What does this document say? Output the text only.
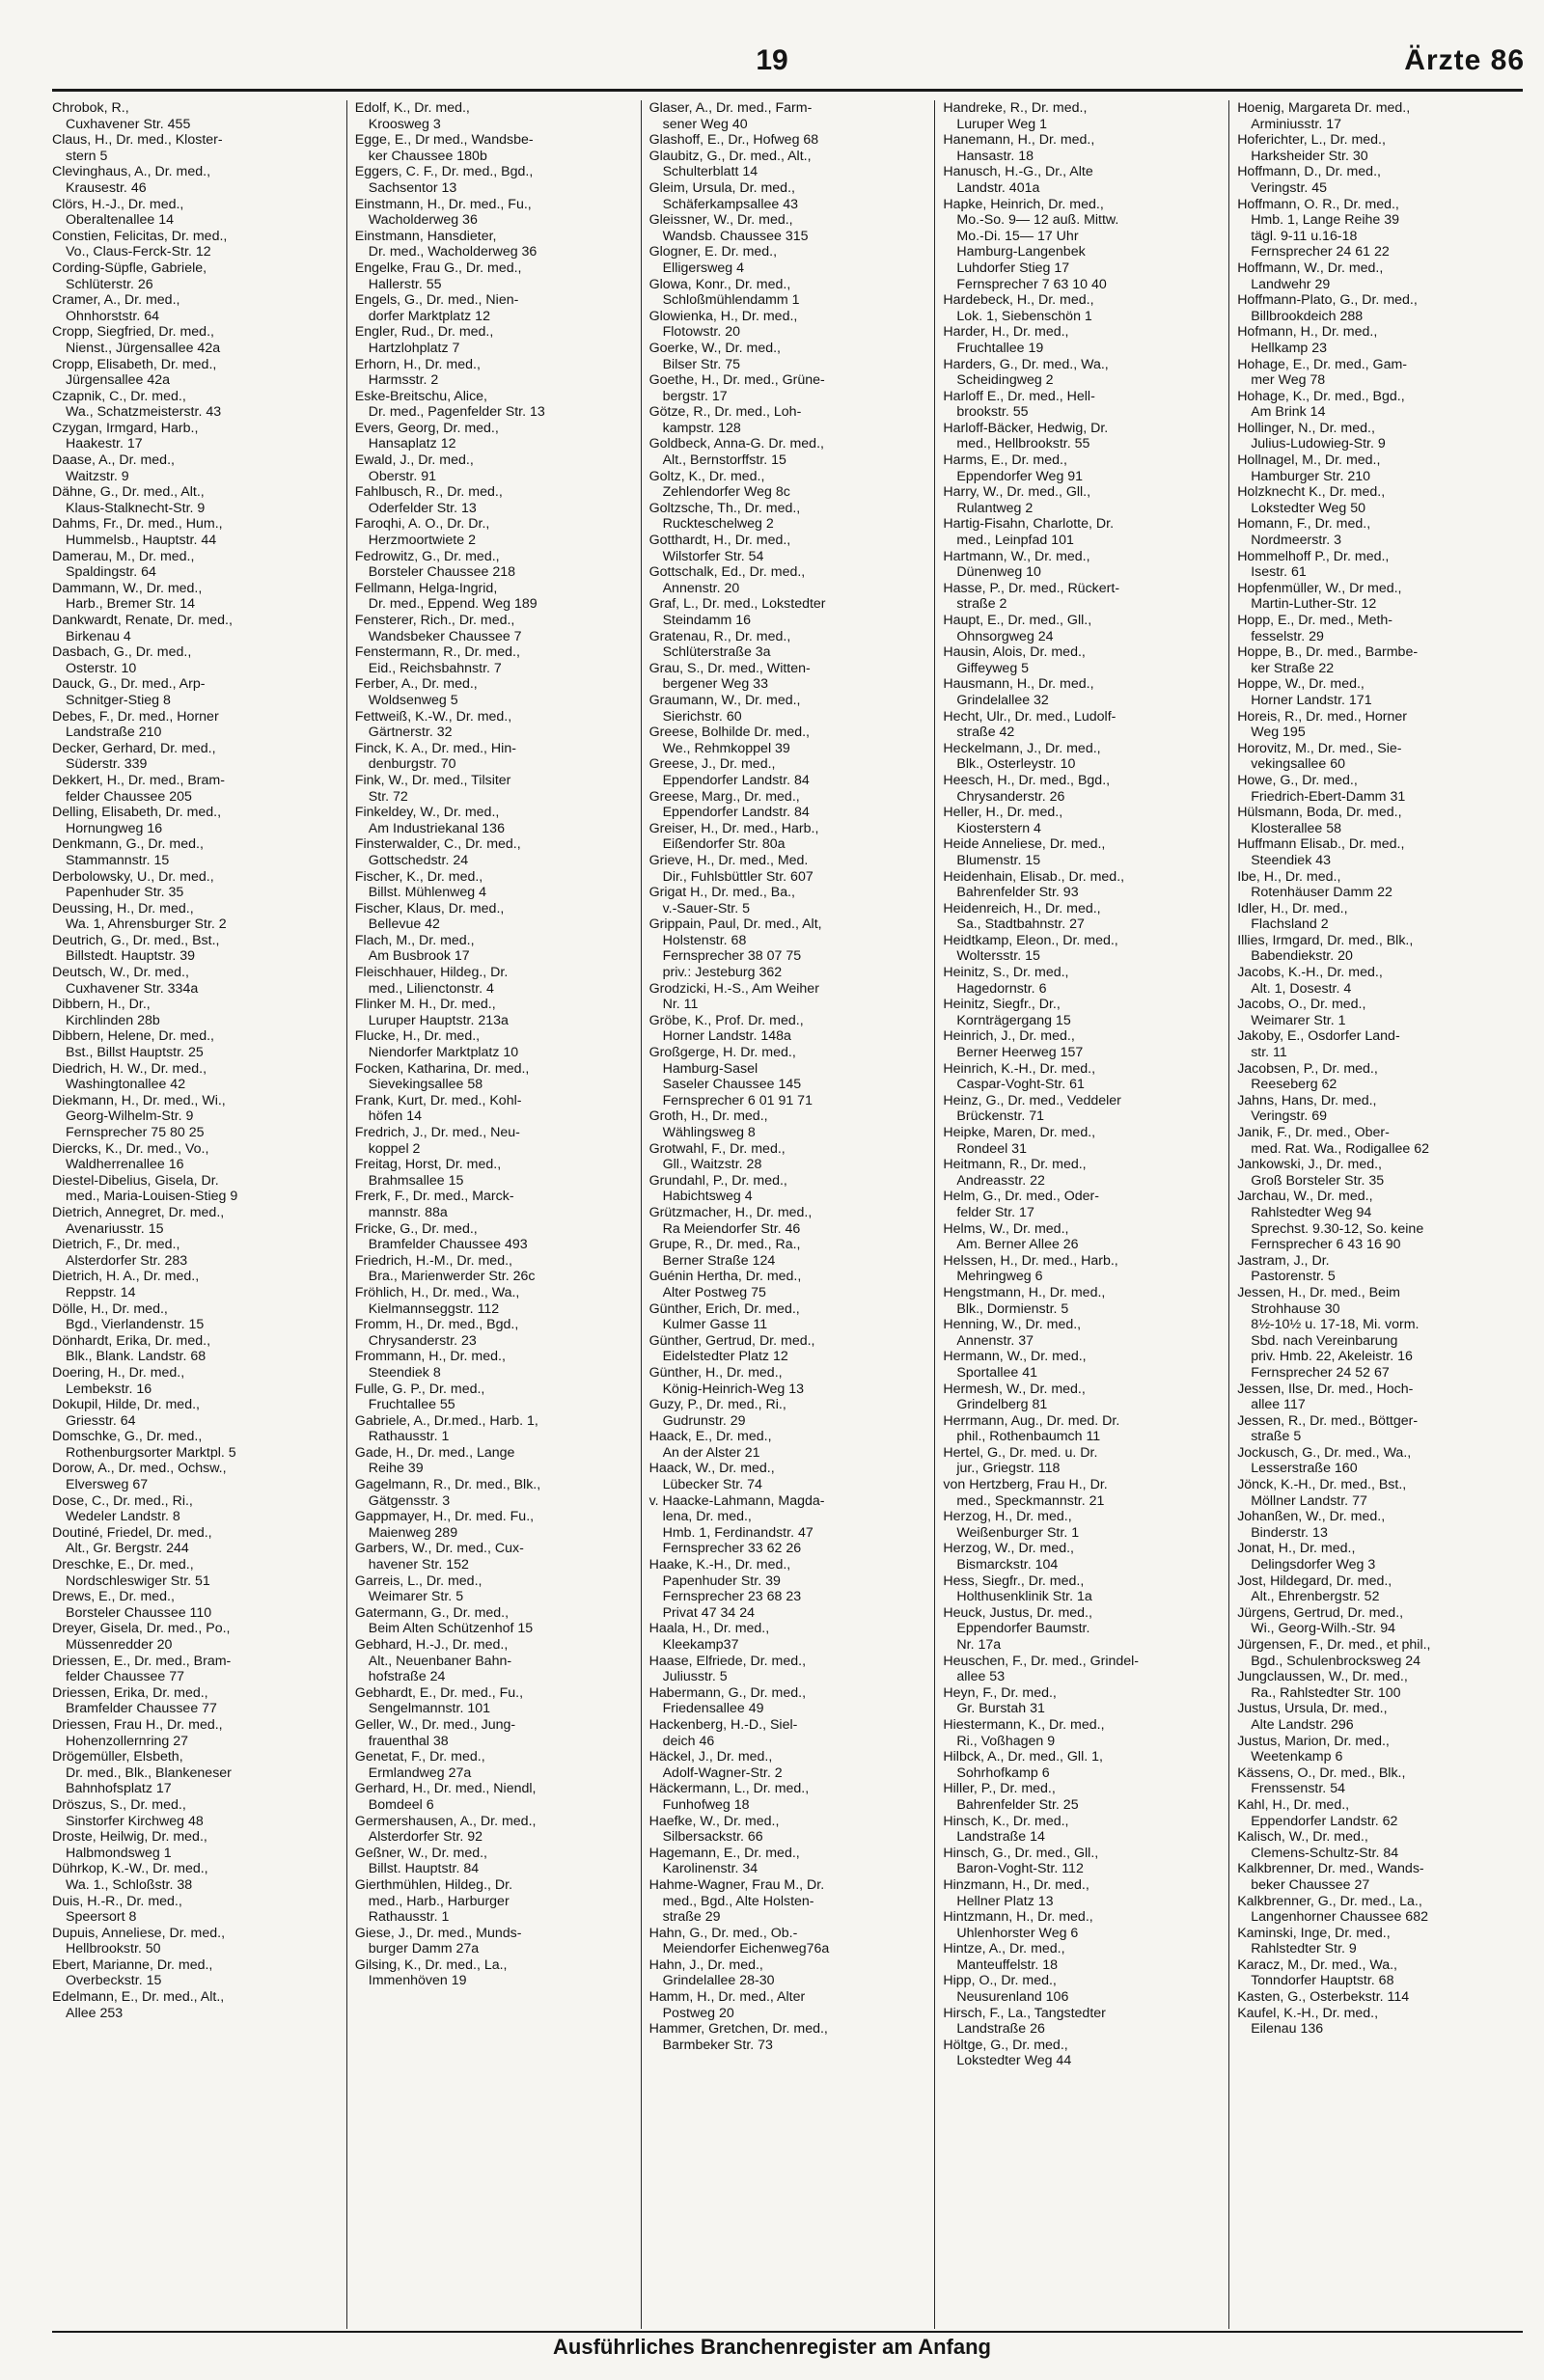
19	Ärzte 86
Chrobok, R.,
Cuxhavener Str. 455
Claus, H., Dr. med., Kloster-
stern 5
Clevinghaus, A., Dr. med.,
Krausestr. 46
Clörs, H.-J., Dr. med.,
Oberaltenallee 14
Constien, Felicitas, Dr. med.,
Vo., Claus-Ferck-Str. 12
Cording-Süpfle, Gabriele,
Schlüterstr. 26
Cramer, A., Dr. med.,
Ohnhorststr. 64
Cropp, Siegfried, Dr. med.,
Nienst., Jürgensallee 42a
Cropp, Elisabeth, Dr. med.,
Jürgensallee 42a
Czapnik, C., Dr. med.,
Wa., Schatzmeisterstr. 43
Czygan, Irmgard, Harb.,
Haakestr. 17
Daase, A., Dr. med.,
Waitzstr. 9
Dähne, G., Dr. med., Alt.,
Klaus-Stalknecht-Str. 9
Dahms, Fr., Dr. med., Hum.,
Hummelsb., Hauptstr. 44
Damerau, M., Dr. med.,
Spaldingstr. 64
Dammann, W., Dr. med.,
Harb., Bremer Str. 14
Dankwardt, Renate, Dr. med.,
Birkenau 4
Dasbach, G., Dr. med.,
Osterstr. 10
Dauck, G., Dr. med., Arp-
Schnitger-Stieg 8
Debes, F., Dr. med., Horner
Landstraße 210
Decker, Gerhard, Dr. med.,
Süderstr. 339
Dekkert, H., Dr. med., Bram-
felder Chaussee 205
Delling, Elisabeth, Dr. med.,
Hornungweg 16
Denkmann, G., Dr. med.,
Stammannstr. 15
Derbolowsky, U., Dr. med.,
Papenhuder Str. 35
Deussing, H., Dr. med.,
Wa. 1, Ahrensburger Str. 2
Deutrich, G., Dr. med., Bst.,
Billstedt. Hauptstr. 39
Deutsch, W., Dr. med.,
Cuxhavener Str. 334a
Dibbern, H., Dr.,
Kirchlinden 28b
Dibbern, Helene, Dr. med.,
Bst., Billst Hauptstr. 25
Diedrich, H. W., Dr. med.,
Washingtonallee 42
Diekmann, H., Dr. med., Wi.,
Georg-Wilhelm-Str. 9
Fernsprecher 75 80 25
Diercks, K., Dr. med., Vo.,
Waldherrenallee 16
Diestel-Dibelius, Gisela, Dr.
med., Maria-Louisen-Stieg 9
Dietrich, Annegret, Dr. med.,
Avenariusstr. 15
Dietrich, F., Dr. med.,
Alsterdorfer Str. 283
Dietrich, H. A., Dr. med.,
Reppstr. 14
Dölle, H., Dr. med.,
Bgd., Vierlandenstr. 15
Dönhardt, Erika, Dr. med.,
Blk., Blank. Landstr. 68
Doering, H., Dr. med.,
Lembekstr. 16
Dokupil, Hilde, Dr. med.,
Griesstr. 64
Domschke, G., Dr. med.,
Rothenburgsorter Marktpl. 5
Dorow, A., Dr. med., Ochsw.,
Elversweg 67
Dose, C., Dr. med., Ri.,
Wedeler Landstr. 8
Doutiné, Friedel, Dr. med.,
Alt., Gr. Bergstr. 244
Dreschke, E., Dr. med.,
Nordschleswiger Str. 51
Drews, E., Dr. med.,
Borsteler Chaussee 110
Dreyer, Gisela, Dr. med., Po.,
Müssenredder 20
Driessen, E., Dr. med., Bram-
felder Chaussee 77
Driessen, Erika, Dr. med.,
Bramfelder Chaussee 77
Driessen, Frau H., Dr. med.,
Hohenzollernring 27
Drögemüller, Elsbeth,
Dr. med., Blk., Blankeneser
Bahnhofsplatz 17
Dröszus, S., Dr. med.,
Sinstorfer Kirchweg 48
Droste, Heilwig, Dr. med.,
Halbmondsweg 1
Dührkop, K.-W., Dr. med.,
Wa. 1., Schloßstr. 38
Duis, H.-R., Dr. med.,
Speersort 8
Dupuis, Anneliese, Dr. med.,
Hellbrookstr. 50
Ebert, Marianne, Dr. med.,
Overbeckstr. 15
Edelmann, E., Dr. med., Alt.,
Allee 253
Edolf, K., Dr. med.,
Kroosweg 3
Egge, E., Dr med., Wandsbe-
ker Chaussee 180b
Eggers, C. F., Dr. med., Bgd.,
Sachsentor 13
Einstmann, H., Dr. med., Fu.,
Wacholderweg 36
Einstmann, Hansdieter,
Dr. med., Wacholderweg 36
Engelke, Frau G., Dr. med.,
Hallerstr. 55
Engels, G., Dr. med., Nien-
dorfer Marktplatz 12
Engler, Rud., Dr. med.,
Hartzlohplatz 7
Erhorn, H., Dr. med.,
Harmsstr. 2
Eske-Breitschu, Alice,
Dr. med., Pagenfelder Str. 13
Evers, Georg, Dr. med.,
Hansaplatz 12
Ewald, J., Dr. med.,
Oberstr. 91
Fahlbusch, R., Dr. med.,
Oderfelder Str. 13
Faroqhi, A. O., Dr. Dr.,
Herzmoortwiete 2
Fedrowitz, G., Dr. med.,
Borsteler Chaussee 218
Fellmann, Helga-Ingrid,
Dr. med., Eppend. Weg 189
Fensterer, Rich., Dr. med.,
Wandsbeker Chaussee 7
Fenstermann, R., Dr. med.,
Eid., Reichsbahnstr. 7
Ferber, A., Dr. med.,
Woldsenweg 5
Fettweiß, K.-W., Dr. med.,
Gärtnerstr. 32
Finck, K. A., Dr. med., Hin-
denburgstr. 70
Fink, W., Dr. med., Tilsiter
Str. 72
Finkeldey, W., Dr. med.,
Am Industriekanal 136
Finsterwalder, C., Dr. med.,
Gottschedstr. 24
Fischer, K., Dr. med.,
Billst. Mühlenweg 4
Fischer, Klaus, Dr. med.,
Bellevue 42
Flach, M., Dr. med.,
Am Busbrook 17
Fleischhauer, Hildeg., Dr.
med., Lilienctonstr. 4
Flinker M. H., Dr. med.,
Luruper Hauptstr. 213a
Flucke, H., Dr. med.,
Niendorfer Marktplatz 10
Focken, Katharina, Dr. med.,
Sievekingsallee 58
Frank, Kurt, Dr. med., Kohl-
höfen 14
Fredrich, J., Dr. med., Neu-
koppel 2
Freitag, Horst, Dr. med.,
Brahmsallee 15
Frerk, F., Dr. med., Marck-
mannstr. 88a
Fricke, G., Dr. med.,
Bramfelder Chaussee 493
Friedrich, H.-M., Dr. med.,
Bra., Marienwerder Str. 26c
Fröhlich, H., Dr. med., Wa.,
Kielmannseggstr. 112
Fromm, H., Dr. med., Bgd.,
Chrysanderstr. 23
Frommann, H., Dr. med.,
Steendiek 8
Fulle, G. P., Dr. med.,
Fruchtallee 55
Gabriele, A., Dr.med., Harb. 1,
Rathausstr. 1
Gade, H., Dr. med., Lange
Reihe 39
Gagelmann, R., Dr. med., Blk.,
Gätgensstr. 3
Gappmayer, H., Dr. med. Fu.,
Maienweg 289
Garbers, W., Dr. med., Cux-
havener Str. 152
Garreis, L., Dr. med.,
Weimarer Str. 5
Gatermann, G., Dr. med.,
Beim Alten Schützenhof 15
Gebhard, H.-J., Dr. med.,
Alt., Neuenbaner Bahn-
hofstraße 24
Gebhardt, E., Dr. med., Fu.,
Sengelmannstr. 101
Geller, W., Dr. med., Jung-
frauenthal 38
Genetat, F., Dr. med.,
Ermlandweg 27a
Gerhard, H., Dr. med., Niendl,
Bomdeel 6
Germershausen, A., Dr. med.,
Alsterdorfer Str. 92
Geßner, W., Dr. med.,
Billst. Hauptstr. 84
Gierthmühlen, Hildeg., Dr.
med., Harb., Harburger
Rathausstr. 1
Giese, J., Dr. med., Munds-
burger Damm 27a
Gilsing, K., Dr. med., La.,
Immenhöven 19
Glaser, A., Dr. med., Farm-
sener Weg 40
Glashoff, E., Dr., Hofweg 68
Glaubitz, G., Dr. med., Alt.,
Schulterblatt 14
Gleim, Ursula, Dr. med.,
Schäferkampsallee 43
Gleissner, W., Dr. med.,
Wandsb. Chaussee 315
Glogner, E. Dr. med.,
Elligersweg 4
Glowa, Konr., Dr. med.,
Schloßmühlendamm 1
Glowienka, H., Dr. med.,
Flotowstr. 20
Goerke, W., Dr. med.,
Bilser Str. 75
Goethe, H., Dr. med., Grüne-
bergstr. 17
Götze, R., Dr. med., Loh-
kampstr. 128
Goldbeck, Anna-G. Dr. med.,
Alt., Bernstorffstr. 15
Goltz, K., Dr. med.,
Zehlendorfer Weg 8c
Goltzsche, Th., Dr. med.,
Ruckteschelweg 2
Gotthardt, H., Dr. med.,
Wilstorfer Str. 54
Gottschalk, Ed., Dr. med.,
Annenstr. 20
Graf, L., Dr. med., Lokstedter
Steindamm 16
Gratenau, R., Dr. med.,
Schlüterstraße 3a
Grau, S., Dr. med., Witten-
bergener Weg 33
Graumann, W., Dr. med.,
Sierichstr. 60
Greese, Bolhilde Dr. med.,
We., Rehmkoppel 39
Greese, J., Dr. med.,
Eppendorfer Landstr. 84
Greese, Marg., Dr. med.,
Eppendorfer Landstr. 84
Greiser, H., Dr. med., Harb.,
Eißendorfer Str. 80a
Grieve, H., Dr. med., Med.
Dir., Fuhlsbüttler Str. 607
Grigat H., Dr. med., Ba.,
v.-Sauer-Str. 5
Grippain, Paul, Dr. med., Alt,
Holstenstr. 68
Fernsprecher 38 07 75
priv.: Jesteburg 362
Grodzicki, H.-S., Am Weiher
Nr. 11
Gröbe, K., Prof. Dr. med.,
Horner Landstr. 148a
Großgerge, H. Dr. med.,
Hamburg-Sasel
Saseler Chaussee 145
Fernsprecher 6 01 91 71
Groth, H., Dr. med.,
Wählingsweg 8
Grotwahl, F., Dr. med.,
Gll., Waitzstr. 28
Grundahl, P., Dr. med.,
Habichtsweg 4
Grützmacher, H., Dr. med.,
Ra Meiendorfer Str. 46
Grupe, R., Dr. med., Ra.,
Berner Straße 124
Guénin Hertha, Dr. med.,
Alter Postweg 75
Günther, Erich, Dr. med.,
Kulmer Gasse 11
Günther, Gertrud, Dr. med.,
Eidelstedter Platz 12
Günther, H., Dr. med.,
König-Heinrich-Weg 13
Guzy, P., Dr. med., Ri.,
Gudrunstr. 29
Haack, E., Dr. med.,
An der Alster 21
Haack, W., Dr. med.,
Lübecker Str. 74
v. Haacke-Lahmann, Magda-
lena, Dr. med.,
Hmb. 1, Ferdinandstr. 47
Fernsprecher 33 62 26
Haake, K.-H., Dr. med.,
Papenhuder Str. 39
Fernsprecher 23 68 23
Privat 47 34 24
Haala, H., Dr. med.,
Kleekamp37
Haase, Elfriede, Dr. med.,
Juliusstr. 5
Habermann, G., Dr. med.,
Friedensallee 49
Hackenberg, H.-D., Siel-
deich 46
Häckel, J., Dr. med.,
Adolf-Wagner-Str. 2
Häckermann, L., Dr. med.,
Funhofweg 18
Haefke, W., Dr. med.,
Silbersackstr. 66
Hagemann, E., Dr. med.,
Karolinenstr. 34
Hahme-Wagner, Frau M., Dr.
med., Bgd., Alte Holsten-
straße 29
Hahn, G., Dr. med., Ob.-
Meiendorfer Eichenweg76a
Hahn, J., Dr. med.,
Grindelallee 28-30
Hamm, H., Dr. med., Alter
Postweg 20
Hammer, Gretchen, Dr. med.,
Barmbeker Str. 73
Handreke, R., Dr. med.,
Luruper Weg 1
Hanemann, H., Dr. med.,
Hansastr. 18
Hanusch, H.-G., Dr., Alte
Landstr. 401a
Hapke, Heinrich, Dr. med.,
Mo.-So. 9— 12 auß. Mittw.
Mo.-Di. 15— 17 Uhr
Hamburg-Langenbek
Luhdorfer Stieg 17
Fernsprecher 7 63 10 40
Hardebeck, H., Dr. med.,
Lok. 1, Siebenschön 1
Harder, H., Dr. med.,
Fruchtallee 19
Harders, G., Dr. med., Wa.,
Scheidingweg 2
Harloff E., Dr. med., Hell-
brookstr. 55
Harloff-Bäcker, Hedwig, Dr.
med., Hellbrookstr. 55
Harms, E., Dr. med.,
Eppendorfer Weg 91
Harry, W., Dr. med., Gll.,
Rulantweg 2
Hartig-Fisahn, Charlotte, Dr.
med., Leinpfad 101
Hartmann, W., Dr. med.,
Dünenweg 10
Hasse, P., Dr. med., Rückert-
straße 2
Haupt, E., Dr. med., Gll.,
Ohnsorgweg 24
Hausin, Alois, Dr. med.,
Giffeyweg 5
Hausmann, H., Dr. med.,
Grindelallee 32
Hecht, Ulr., Dr. med., Ludolf-
straße 42
Heckelmann, J., Dr. med.,
Blk., Osterleystr. 10
Heesch, H., Dr. med., Bgd.,
Chrysanderstr. 26
Heller, H., Dr. med.,
Kiosterstern 4
Heide Anneliese, Dr. med.,
Blumenstr. 15
Heidenhain, Elisab., Dr. med.,
Bahrenfelder Str. 93
Heidenreich, H., Dr. med.,
Sa., Stadtbahnstr. 27
Heidtkamp, Eleon., Dr. med.,
Woltersstr. 15
Heinitz, S., Dr. med.,
Hagedornstr. 6
Heinitz, Siegfr., Dr.,
Kornträgergang 15
Heinrich, J., Dr. med.,
Berner Heerweg 157
Heinrich, K.-H., Dr. med.,
Caspar-Voght-Str. 61
Heinz, G., Dr. med., Veddeler
Brückenstr. 71
Heipke, Maren, Dr. med.,
Rondeel 31
Heitmann, R., Dr. med.,
Andreasstr. 22
Helm, G., Dr. med., Oder-
felder Str. 17
Helms, W., Dr. med.,
Am. Berner Allee 26
Helssen, H., Dr. med., Harb.,
Mehringweg 6
Hengstmann, H., Dr. med.,
Blk., Dormienstr. 5
Henning, W., Dr. med.,
Annenstr. 37
Hermann, W., Dr. med.,
Sportallee 41
Hermesh, W., Dr. med.,
Grindelberg 81
Herrmann, Aug., Dr. med. Dr.
phil., Rothenbaumch 11
Hertel, G., Dr. med. u. Dr.
jur., Griegstr. 118
von Hertzberg, Frau H., Dr.
med., Speckmannstr. 21
Herzog, H., Dr. med.,
Weißenburger Str. 1
Herzog, W., Dr. med.,
Bismarckstr. 104
Hess, Siegfr., Dr. med.,
Holthusenklinik Str. 1a
Heuck, Justus, Dr. med.,
Eppendorfer Baumstr.
Nr. 17a
Heuschen, F., Dr. med., Grindel-
allee 53
Heyn, F., Dr. med.,
Gr. Burstah 31
Hiestermann, K., Dr. med.,
Ri., Voßhagen 9
Hilbck, A., Dr. med., Gll. 1,
Sohrhofkamp 6
Hiller, P., Dr. med.,
Bahrenfelder Str. 25
Hinsch, K., Dr. med.,
Landstraße 14
Hinsch, G., Dr. med., Gll.,
Baron-Voght-Str. 112
Hinzmann, H., Dr. med.,
Hellner Platz 13
Hintzmann, H., Dr. med.,
Uhlenhorster Weg 6
Hintze, A., Dr. med.,
Manteuffelstr. 18
Hipp, O., Dr. med.,
Neusurenland 106
Hirsch, F., La., Tangstedter
Landstraße 26
Höltge, G., Dr. med.,
Lokstedter Weg 44
Hoenig, Margareta Dr. med.,
Arminiusstr. 17
Hoferichter, L., Dr. med.,
Harksheider Str. 30
Hoffmann, D., Dr. med.,
Veringstr. 45
Hoffmann, O. R., Dr. med.,
Hmb. 1, Lange Reihe 39
tägl. 9-11 u.16-18
Fernsprecher 24 61 22
Hoffmann, W., Dr. med.,
Landwehr 29
Hoffmann-Plato, G., Dr. med.,
Billbrookdeich 288
Hofmann, H., Dr. med.,
Hellkamp 23
Hohage, E., Dr. med., Gam-
mer Weg 78
Hohage, K., Dr. med., Bgd.,
Am Brink 14
Hollinger, N., Dr. med.,
Julius-Ludowieg-Str. 9
Hollnagel, M., Dr. med.,
Hamburger Str. 210
Holzknecht K., Dr. med.,
Lokstedter Weg 50
Homann, F., Dr. med.,
Nordmeerstr. 3
Hommelhoff P., Dr. med.,
Isestr. 61
Hopfenmüller, W., Dr med.,
Martin-Luther-Str. 12
Hopp, E., Dr. med., Meth-
fesselstr. 29
Hoppe, B., Dr. med., Barmbe-
ker Straße 22
Hoppe, W., Dr. med.,
Horner Landstr. 171
Horeis, R., Dr. med., Horner
Weg 195
Horovitz, M., Dr. med., Sie-
vekingsallee 60
Howe, G., Dr. med.,
Friedrich-Ebert-Damm 31
Hülsmann, Boda, Dr. med.,
Klosterallee 58
Huffmann Elisab., Dr. med.,
Steendiek 43
Ibe, H., Dr. med.,
Rotenhäuser Damm 22
Idler, H., Dr. med.,
Flachsland 2
Illies, Irmgard, Dr. med., Blk.,
Babendiekstr. 20
Jacobs, K.-H., Dr. med.,
Alt. 1, Dosestr. 4
Jacobs, O., Dr. med.,
Weimarer Str. 1
Jakoby, E., Osdorfer Land-
str. 11
Jacobsen, P., Dr. med.,
Reeseberg 62
Jahns, Hans, Dr. med.,
Veringstr. 69
Janik, F., Dr. med., Ober-
med. Rat. Wa., Rodigallee 62
Jankowski, J., Dr. med.,
Groß Borsteler Str. 35
Jarchau, W., Dr. med.,
Rahlstedter Weg 94
Sprechst. 9.30-12, So. keine
Fernsprecher 6 43 16 90
Jastram, J., Dr.
Pastorenstr. 5
Jessen, H., Dr. med., Beim
Strohhause 30
8½-10½ u. 17-18, Mi. vorm.
Sbd. nach Vereinbarung
priv. Hmb. 22, Akeleistr. 16
Fernsprecher 24 52 67
Jessen, Ilse, Dr. med., Hoch-
allee 117
Jessen, R., Dr. med., Böttger-
straße 5
Jockusch, G., Dr. med., Wa.,
Lesserstraße 160
Jönck, K.-H., Dr. med., Bst.,
Möllner Landstr. 77
Johanßen, W., Dr. med.,
Binderstr. 13
Jonat, H., Dr. med.,
Delingsdorfer Weg 3
Jost, Hildegard, Dr. med.,
Alt., Ehrenbergstr. 52
Jürgens, Gertrud, Dr. med.,
Wi., Georg-Wilh.-Str. 94
Jürgensen, F., Dr. med., et phil.,
Bgd., Schulenbrocksweg 24
Jungclaussen, W., Dr. med.,
Ra., Rahlstedter Str. 100
Justus, Ursula, Dr. med.,
Alte Landstr. 296
Justus, Marion, Dr. med.,
Weetenkamp 6
Kässens, O., Dr. med., Blk.,
Frenssenstr. 54
Kahl, H., Dr. med.,
Eppendorfer Landstr. 62
Kalisch, W., Dr. med.,
Clemens-Schultz-Str. 84
Kalkbrenner, Dr. med., Wands-
beker Chaussee 27
Kalkbrenner, G., Dr. med., La.,
Langenhorner Chaussee 682
Kaminski, Inge, Dr. med.,
Rahlstedter Str. 9
Karacz, M., Dr. med., Wa.,
Tonndorfer Hauptstr. 68
Kasten, G., Osterbekstr. 114
Kaufel, K.-H., Dr. med.,
Eilenau 136
Ausführliches Branchenregister am Anfang
